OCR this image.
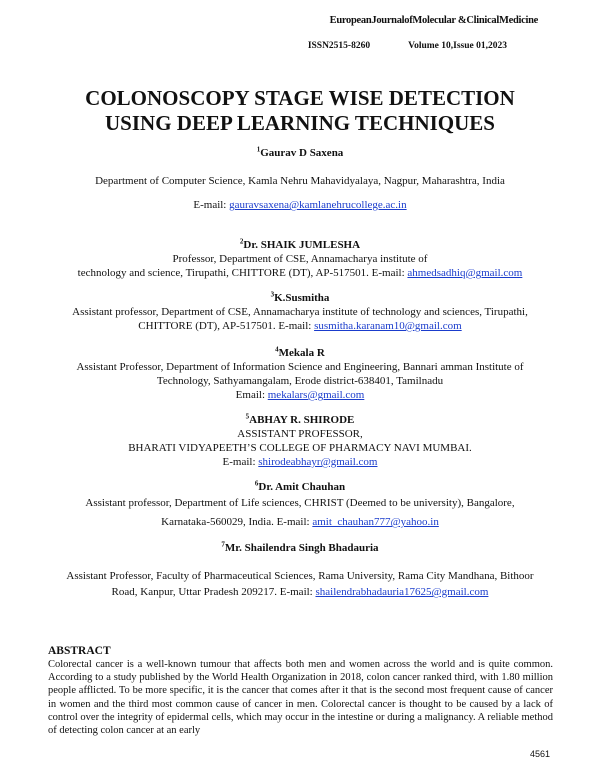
EuropeanJournalofMolecular &ClinicalMedicine
ISSN2515-8260	Volume 10,Issue 01,2023
COLONOSCOPY STAGE WISE DETECTION
USING DEEP LEARNING TECHNIQUES
$^1$Gaurav D Saxena
Department of Computer Science, Kamla Nehru Mahavidyalaya, Nagpur, Maharashtra, India
E-mail: gauravsaxena@kamlanehrucollege.ac.in
$^2$Dr. SHAIK JUMLESHA
Professor, Department of CSE, Annamacharya institute of
technology and science, Tirupathi, CHITTORE (DT), AP-517501. E-mail: ahmedsadhiq@gmail.com
$^3$K.Susmitha
Assistant professor, Department of CSE, Annamacharya institute of technology and sciences, Tirupathi,
CHITTORE (DT), AP-517501. E-mail: susmitha.karanam10@gmail.com
$^4$Mekala R
Assistant Professor, Department of Information Science and Engineering, Bannari amman Institute of
Technology, Sathyamangalam, Erode district-638401, Tamilnadu
Email: mekalars@gmail.com
$^5$ABHAY R. SHIRODE
ASSISTANT PROFESSOR,
BHARATI VIDYAPEETH’S COLLEGE OF PHARMACY NAVI MUMBAI.
E-mail: shirodeabhayr@gmail.com
$^6$Dr. Amit Chauhan
Assistant professor, Department of Life sciences, CHRIST (Deemed to be university), Bangalore,
Karnataka-560029, India. E-mail: amit_chauhan777@yahoo.in
$^7$Mr. Shailendra Singh Bhadauria
Assistant Professor, Faculty of Pharmaceutical Sciences, Rama University, Rama City Mandhana, Bithoor
Road, Kanpur, Uttar Pradesh 209217. E-mail: shailendrabhadauria17625@gmail.com
ABSTRACT

Colorectal cancer is a well-known tumour that affects both men and women across the world and is quite common. According to a study published by the World Health Organization in 2018, colon cancer ranked third, with 1.80 million people afflicted. To be more specific, it is the cancer that comes after it that is the second most frequent cause of cancer in women and the third most common cause of cancer in men. Colorectal cancer is thought to be caused by a lack of control over the integrity of epidermal cells, which may occur in the intestine or during a malignancy. A reliable method of detecting colon cancer at an early

4561
